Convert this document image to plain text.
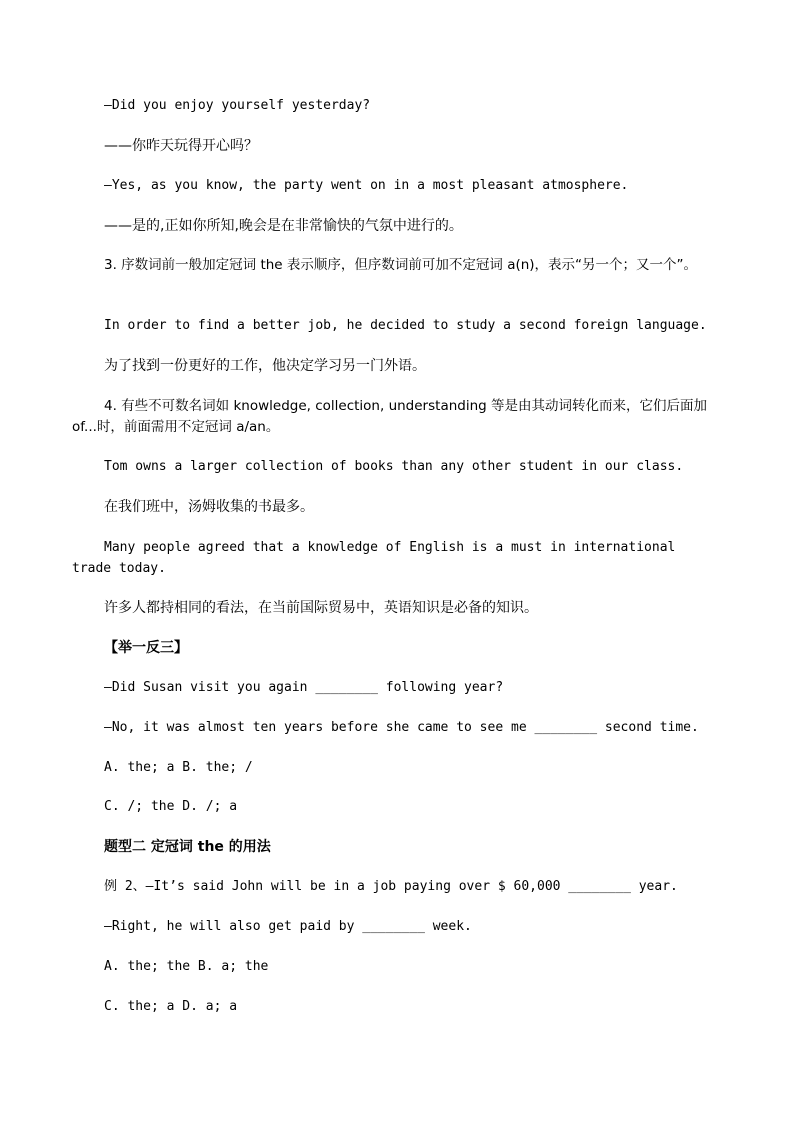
—Did you enjoy yourself yesterday?
——你昨天玩得开心吗？
—Yes, as you know, the party went on in a most pleasant atmosphere.
——是的,正如你所知,晚会是在非常愉快的气氛中进行的。
3. 序数词前一般加定冠词 the 表示顺序，但序数词前可加不定冠词 a(n)，表示“另一个；又一个”。
In order to find a better job, he decided to study a second foreign language.
为了找到一份更好的工作，他决定学习另一门外语。
4. 有些不可数名词如 knowledge, collection, understanding 等是由其动词转化而来，它们后面加 of...时，前面需用不定冠词 a/an。
Tom owns a larger collection of books than any other student in our class.
在我们班中，汤姆收集的书最多。
Many people agreed that a knowledge of English is a must in international trade today.
许多人都持相同的看法，在当前国际贸易中，英语知识是必备的知识。
【举一反三】
—Did Susan visit you again ________ following year?
—No, it was almost ten years before she came to see me ________ second time.
A. the; a B. the; /
C. /; the D. /; a
题型二 定冠词 the 的用法
例 2、—It’s said John will be in a job paying over $ 60,000 ________ year.
—Right, he will also get paid by ________ week.
A. the; the B. a; the
C. the; a D. a; a
